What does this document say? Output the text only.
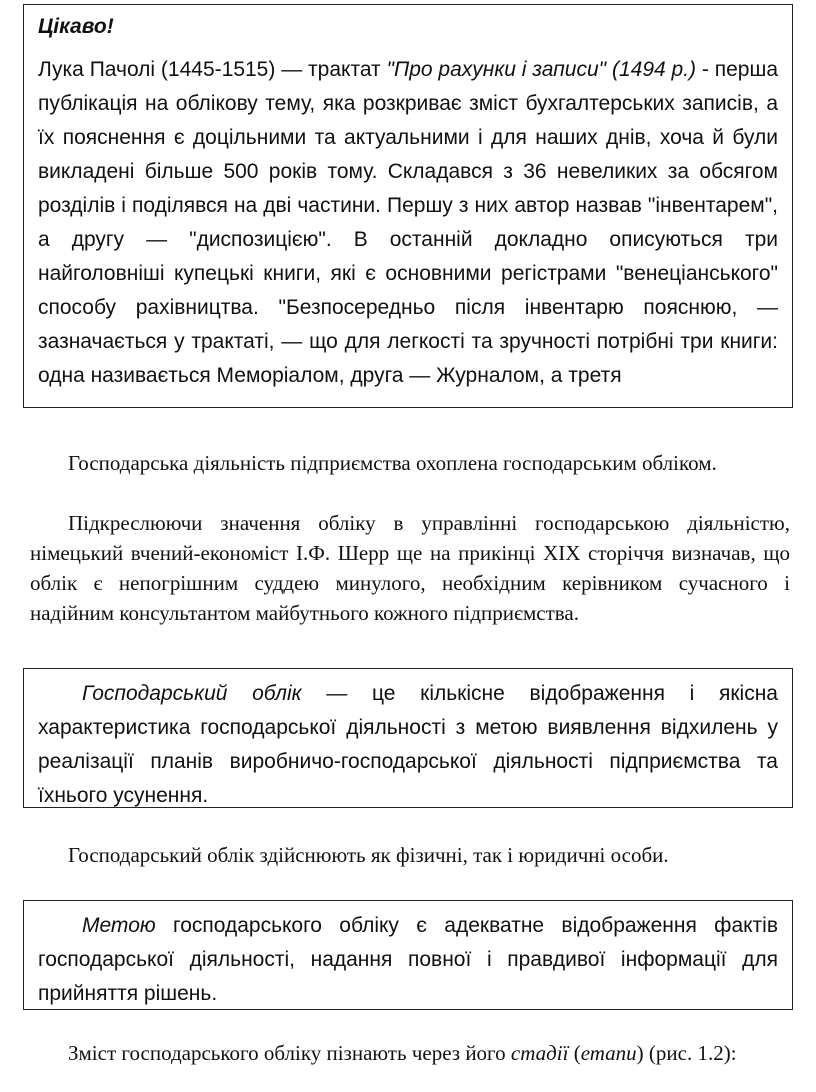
Цікаво!

Лука Пачолі (1445-1515) — трактат "Про рахунки і записи" (1494 р.) - перша публікація на облікову тему, яка розкриває зміст бухгалтерських записів, а їх пояснення є доцільними та актуальними і для наших днів, хоча й були викладені більше 500 років тому. Складався з 36 невеликих за обсягом розділів і поділявся на дві частини. Першу з них автор назвав "інвентарем", а другу — "диспозицією". В останній докладно описуються три найголовніші купецькі книги, які є основними регістрами "венеціанського" способу рахівництва. "Безпосередньо після інвентарю пояснюю, — зазначається у трактаті, — що для легкості та зручності потрібні три книги: одна називається Меморіалом, друга — Журналом, а третя

Господарська діяльність підприємства охоплена господарським обліком.

Підкреслюючи значення обліку в управлінні господарською діяльністю, німецький вчений-економіст І.Ф. Шерр ще на прикінці XIX сторіччя визначав, що облік є непогрішним суддею минулого, необхідним керівником сучасного і надійним консультантом майбутнього кожного підприємства.

Господарський облік — це кількісне відображення і якісна характеристика господарської діяльності з метою виявлення відхилень у реалізації планів виробничо-господарської діяльності підприємства та їхнього усунення.

Господарський облік здійснюють як фізичні, так і юридичні особи.

Метою господарського обліку є адекватне відображення фактів господарської діяльності, надання повної і правдивої інформації для прийняття рішень.

Зміст господарського обліку пізнають через його стадії (етапи) (рис. 1.2):
